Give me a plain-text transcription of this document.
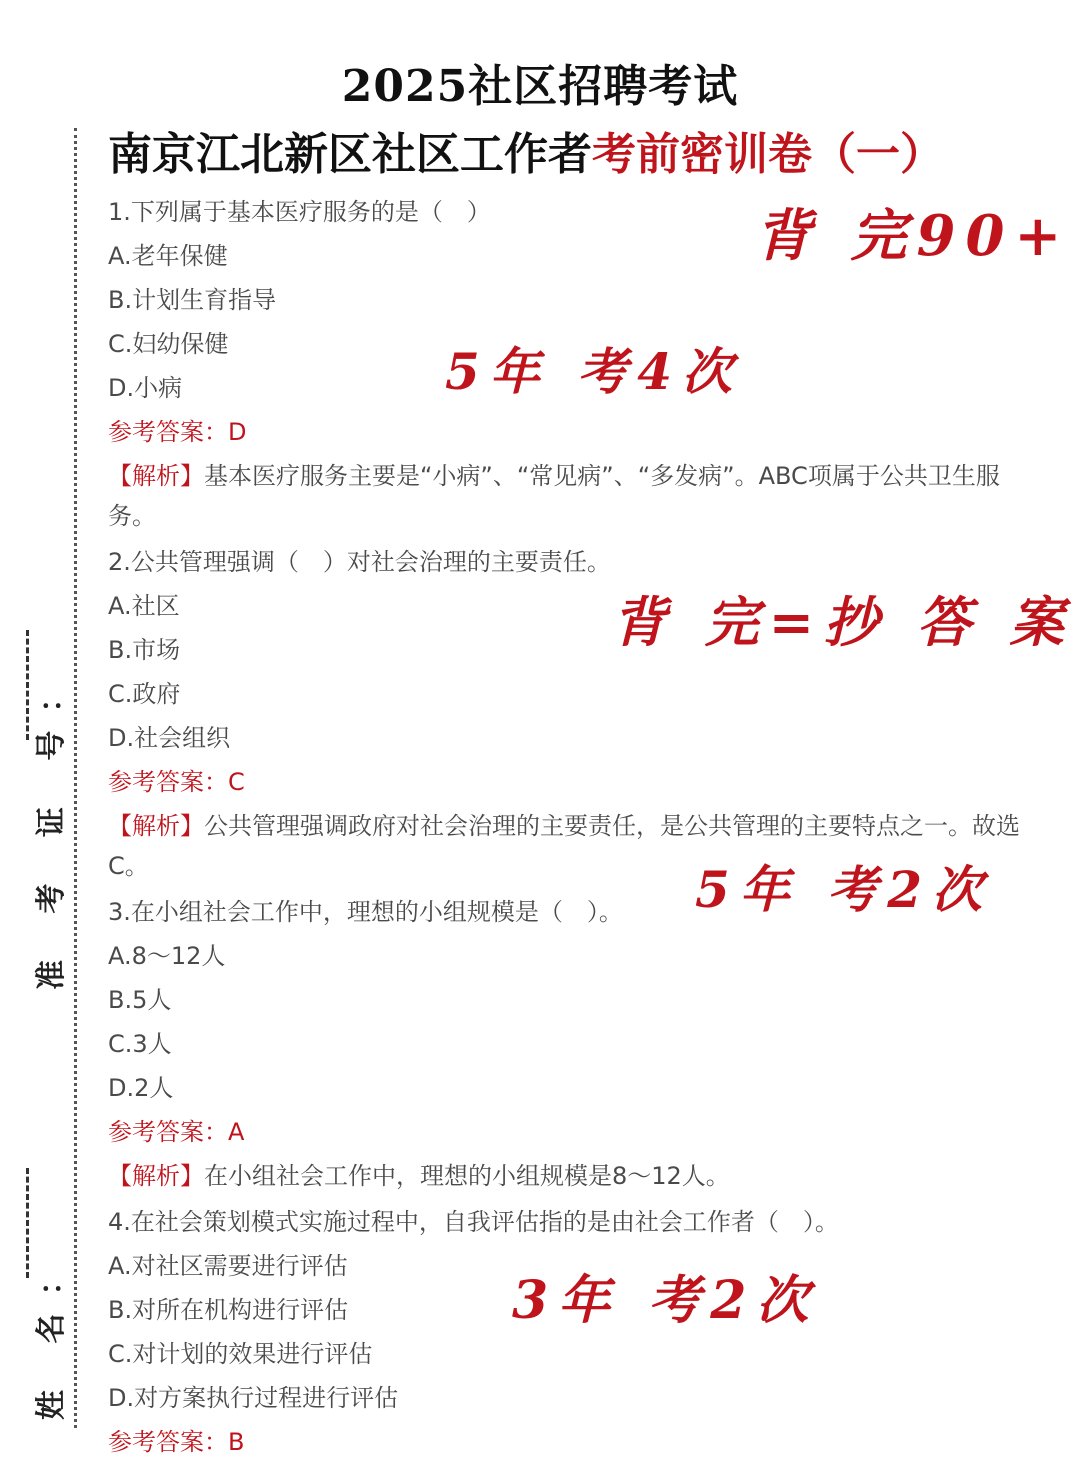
2025社区招聘考试
南京江北新区社区工作者考前密训卷（一）
准 考 证 号：
姓 名：
1.下列属于基本医疗服务的是（　）
A.老年保健
B.计划生育指导
C.妇幼保健
D.小病
参考答案：D
【解析】基本医疗服务主要是“小病”、“常见病”、“多发病”。ABC项属于公共卫生服务。
2.公共管理强调（　）对社会治理的主要责任。
A.社区
B.市场
C.政府
D.社会组织
参考答案：C
【解析】公共管理强调政府对社会治理的主要责任，是公共管理的主要特点之一。故选C。
3.在小组社会工作中，理想的小组规模是（　）。
A.8～12人
B.5人
C.3人
D.2人
参考答案：A
【解析】在小组社会工作中，理想的小组规模是8～12人。
4.在社会策划模式实施过程中，自我评估指的是由社会工作者（　）。
A.对社区需要进行评估
B.对所在机构进行评估
C.对计划的效果进行评估
D.对方案执行过程进行评估
参考答案：B
背 完90+
5年 考4次
背 完=抄 答 案
5年 考2次
3年 考2次
